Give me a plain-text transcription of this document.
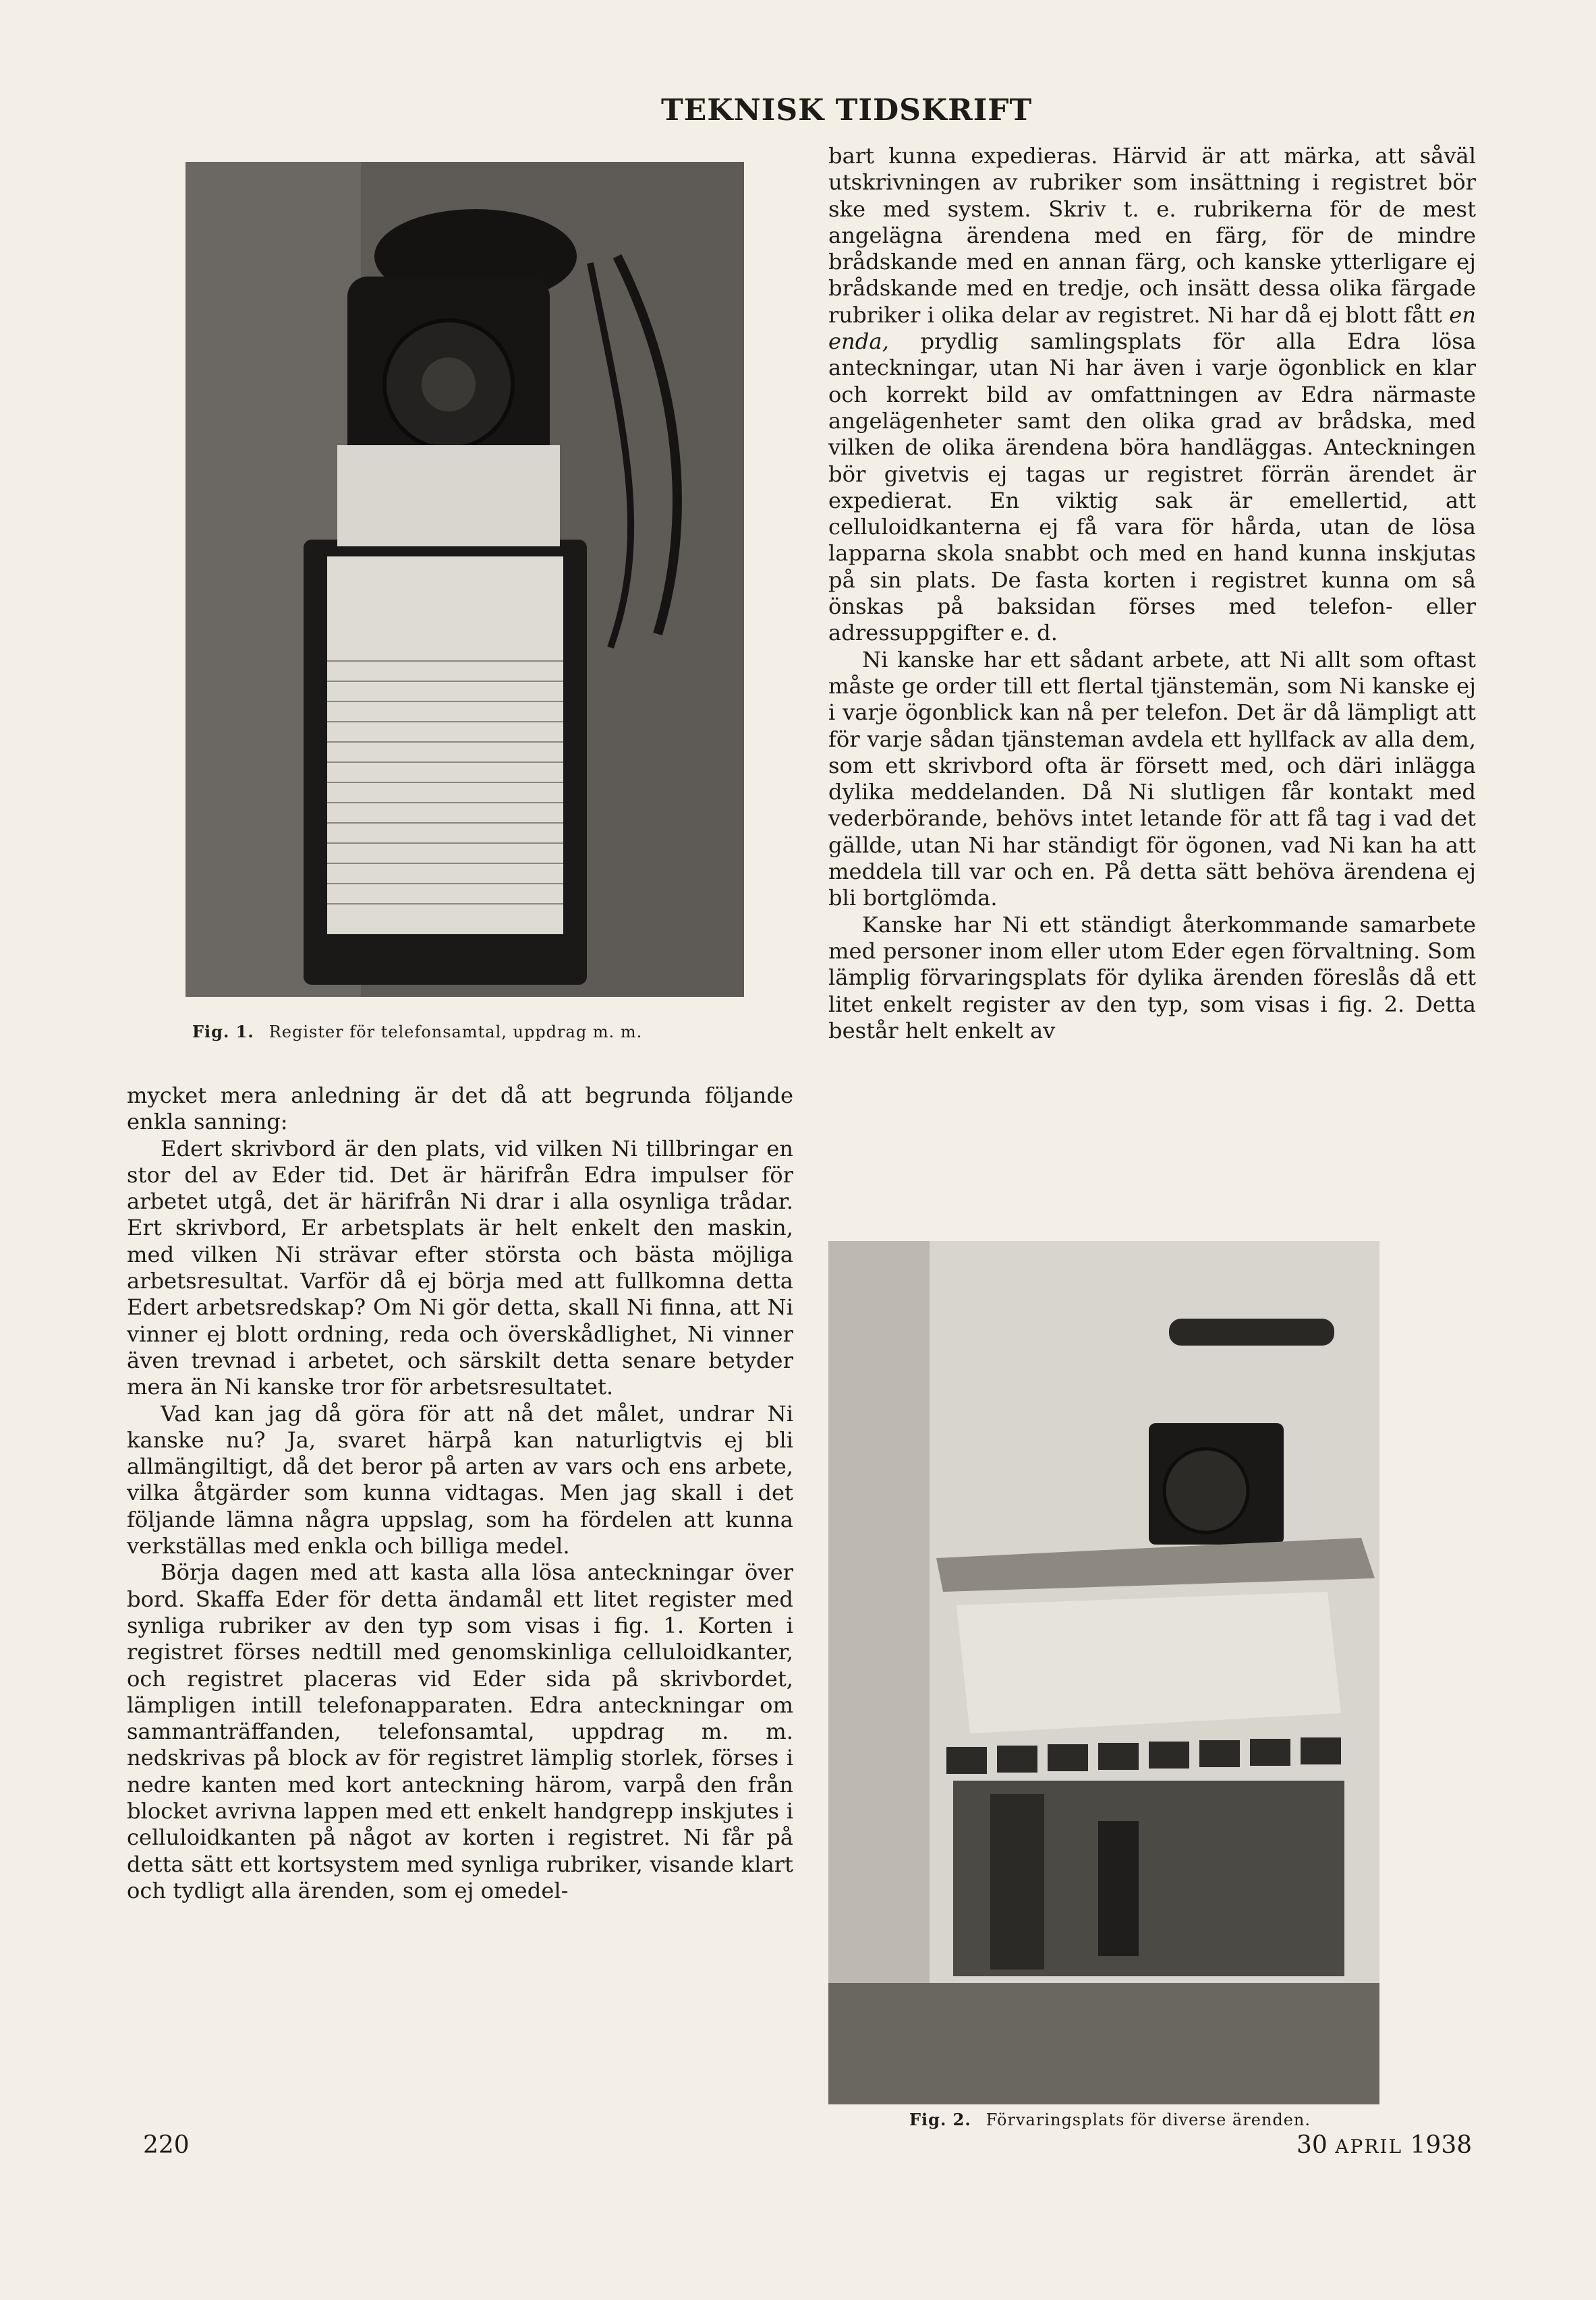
TEKNISK TIDSKRIFT
Fig. 1. Register för telefonsamtal, uppdrag m. m.
Fig. 2. Förvaringsplats för diverse ärenden.

mycket mera anledning är det då att begrunda följande enkla sanning:

Edert skrivbord är den plats, vid vilken Ni tillbringar en stor del av Eder tid. Det är härifrån Edra impulser för arbetet utgå, det är härifrån Ni drar i alla osynliga trådar. Ert skrivbord, Er arbetsplats är helt enkelt den maskin, med vilken Ni strävar efter största och bästa möjliga arbetsresultat. Varför då ej börja med att fullkomna detta Edert arbetsredskap? Om Ni gör detta, skall Ni finna, att Ni vinner ej blott ordning, reda och överskådlighet, Ni vinner även trevnad i arbetet, och särskilt detta senare betyder mera än Ni kanske tror för arbetsresultatet.

Vad kan jag då göra för att nå det målet, undrar Ni kanske nu? Ja, svaret härpå kan naturligtvis ej bli allmängiltigt, då det beror på arten av vars och ens arbete, vilka åtgärder som kunna vidtagas. Men jag skall i det följande lämna några uppslag, som ha fördelen att kunna verkställas med enkla och billiga medel.

Börja dagen med att kasta alla lösa anteckningar över bord. Skaffa Eder för detta ändamål ett litet register med synliga rubriker av den typ som visas i fig. 1. Korten i registret förses nedtill med genomskinliga celluloidkanter, och registret placeras vid Eder sida på skrivbordet, lämpligen intill telefonapparaten. Edra anteckningar om sammanträffanden, telefonsamtal, uppdrag m. m. nedskrivas på block av för registret lämplig storlek, förses i nedre kanten med kort anteckning härom, varpå den från blocket avrivna lappen med ett enkelt handgrepp inskjutes i celluloidkanten på något av korten i registret. Ni får på detta sätt ett kortsystem med synliga rubriker, visande klart och tydligt alla ärenden, som ej omedel-

bart kunna expedieras. Härvid är att märka, att såväl utskrivningen av rubriker som insättning i registret bör ske med system. Skriv t. e. rubrikerna för de mest angelägna ärendena med en färg, för de mindre brådskande med en annan färg, och kanske ytterligare ej brådskande med en tredje, och insätt dessa olika färgade rubriker i olika delar av registret. Ni har då ej blott fått en enda, prydlig samlingsplats för alla Edra lösa anteckningar, utan Ni har även i varje ögonblick en klar och korrekt bild av omfattningen av Edra närmaste angelägenheter samt den olika grad av brådska, med vilken de olika ärendena böra handläggas. Anteckningen bör givetvis ej tagas ur registret förrän ärendet är expedierat. En viktig sak är emellertid, att celluloidkanterna ej få vara för hårda, utan de lösa lapparna skola snabbt och med en hand kunna inskjutas på sin plats. De fasta korten i registret kunna om så önskas på baksidan förses med telefon- eller adressuppgifter e. d.

Ni kanske har ett sådant arbete, att Ni allt som oftast måste ge order till ett flertal tjänstemän, som Ni kanske ej i varje ögonblick kan nå per telefon. Det är då lämpligt att för varje sådan tjänsteman avdela ett hyllfack av alla dem, som ett skrivbord ofta är försett med, och däri inlägga dylika meddelanden. Då Ni slutligen får kontakt med vederbörande, behövs intet letande för att få tag i vad det gällde, utan Ni har ständigt för ögonen, vad Ni kan ha att meddela till var och en. På detta sätt behöva ärendena ej bli bortglömda.

Kanske har Ni ett ständigt återkommande samarbete med personer inom eller utom Eder egen förvaltning. Som lämplig förvaringsplats för dylika ärenden föreslås då ett litet enkelt register av den typ, som visas i fig. 2. Detta består helt enkelt av

220	30 APRIL 1938
